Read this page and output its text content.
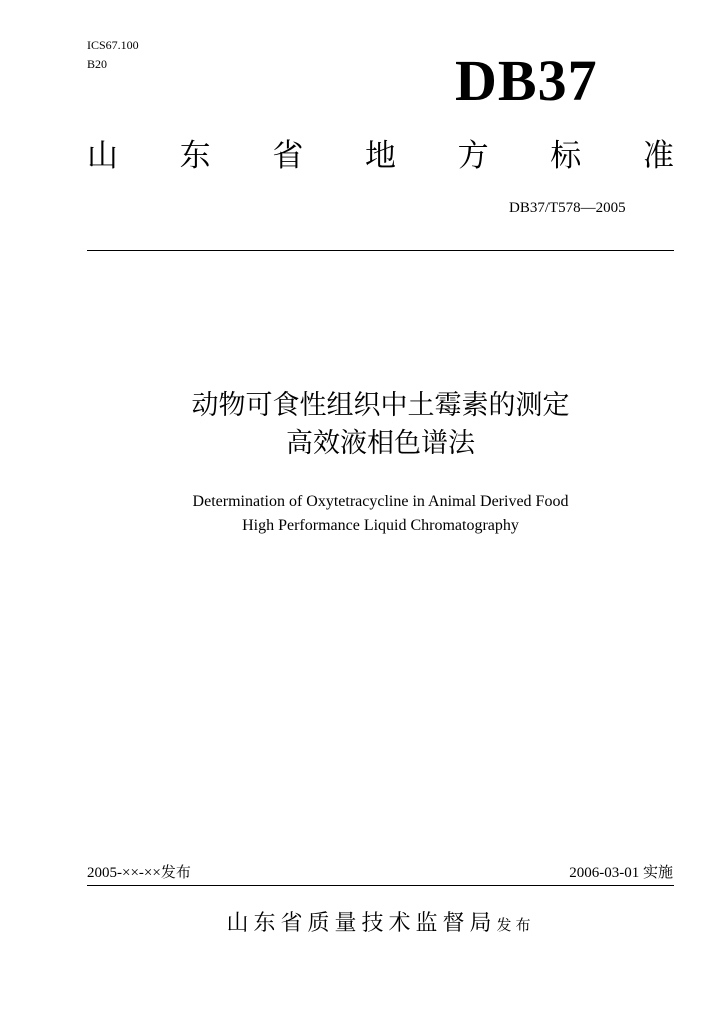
ICS67.100
B20	DB37
山 东 省 地 方 标 准
DB37/T578—2005
动物可食性组织中土霉素的测定
高效液相色谱法
Determination of Oxytetracycline in Animal Derived Food
High Performance Liquid Chromatography
2005-××-××发布	2006-03-01 实施
山东省质量技术监督局发布
